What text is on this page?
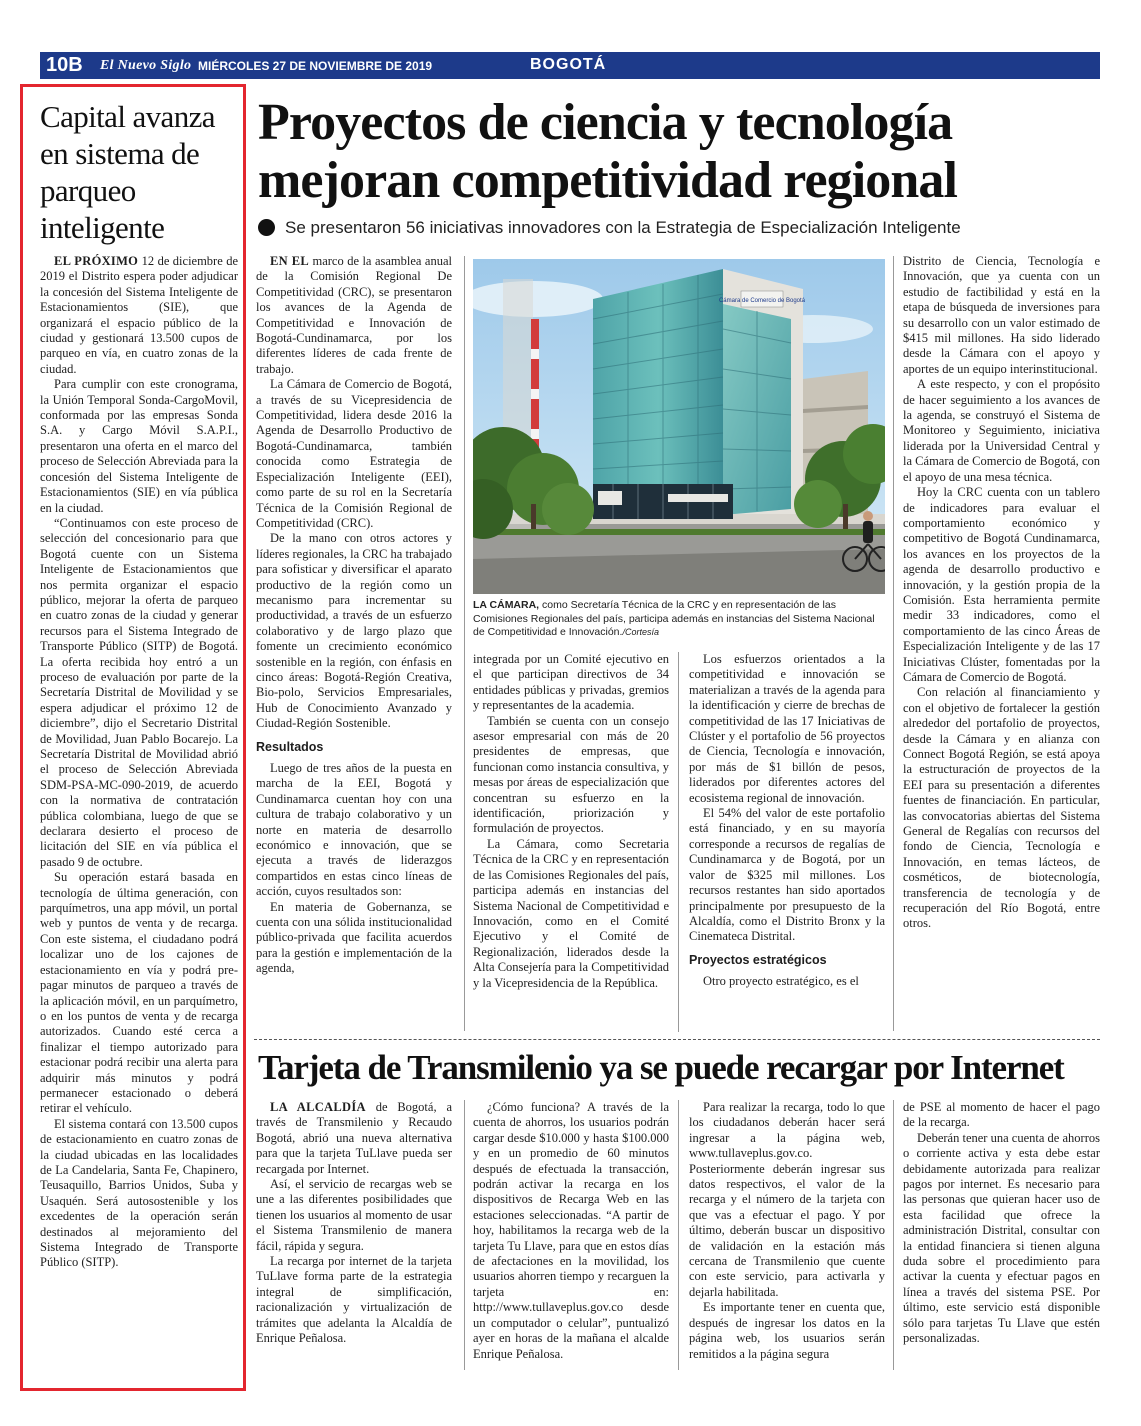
10B El Nuevo Siglo MIÉRCOLES 27 DE NOVIEMBRE DE 2019	BOGOTÁ
Capital avanza en sistema de parqueo inteligente

EL PRÓXIMO 12 de diciembre de 2019 el Distrito espera poder adjudicar la concesión del Sistema Inteligente de Estacionamientos (SIE), que organizará el espacio público de la ciudad y gestionará 13.500 cupos de parqueo en vía, en cuatro zonas de la ciudad.

Para cumplir con este cronograma, la Unión Temporal Sonda-CargoMovil, conformada por las empresas Sonda S.A. y Cargo Móvil S.A.P.I., presentaron una oferta en el marco del proceso de Selección Abreviada para la concesión del Sistema Inteligente de Estacionamientos (SIE) en vía pública en la ciudad.

“Continuamos con este proceso de selección del concesionario para que Bogotá cuente con un Sistema Inteligente de Estacionamientos que nos permita organizar el espacio público, mejorar la oferta de parqueo en cuatro zonas de la ciudad y generar recursos para el Sistema Integrado de Transporte Público (SITP) de Bogotá. La oferta recibida hoy entró a un proceso de evaluación por parte de la Secretaría Distrital de Movilidad y se espera adjudicar el próximo 12 de diciembre”, dijo el Secretario Distrital de Movilidad, Juan Pablo Bocarejo. La Secretaría Distrital de Movilidad abrió el proceso de Selección Abreviada SDM-PSA-MC-090-2019, de acuerdo con la normativa de contratación pública colombiana, luego de que se declarara desierto el proceso de licitación del SIE en vía pública el pasado 9 de octubre.

Su operación estará basada en tecnología de última generación, con parquímetros, una app móvil, un portal web y puntos de venta y de recarga. Con este sistema, el ciudadano podrá localizar uno de los cajones de estacionamiento en vía y podrá pre-pagar minutos de parqueo a través de la aplicación móvil, en un parquímetro, o en los puntos de venta y de recarga autorizados. Cuando esté cerca a finalizar el tiempo autorizado para estacionar podrá recibir una alerta para adquirir más minutos y podrá permanecer estacionado o deberá retirar el vehículo.

El sistema contará con 13.500 cupos de estacionamiento en cuatro zonas de la ciudad ubicadas en las localidades de La Candelaria, Santa Fe, Chapinero, Teusaquillo, Barrios Unidos, Suba y Usaquén. Será autosostenible y los excedentes de la operación serán destinados al mejoramiento del Sistema Integrado de Transporte Público (SITP).

Proyectos de ciencia y tecnología mejoran competitividad regional
Se presentaron 56 iniciativas innovadores con la Estrategia de Especialización Inteligente

EN EL marco de la asamblea anual de la Comisión Regional De Competitividad (CRC), se presentaron los avances de la Agenda de Competitividad e Innovación de Bogotá-Cundinamarca, por los diferentes líderes de cada frente de trabajo.

La Cámara de Comercio de Bogotá, a través de su Vicepresidencia de Competitividad, lidera desde 2016 la Agenda de Desarrollo Productivo de Bogotá-Cundinamarca, también conocida como Estrategia de Especialización Inteligente (EEI), como parte de su rol en la Secretaría Técnica de la Comisión Regional de Competitividad (CRC).

De la mano con otros actores y líderes regionales, la CRC ha trabajado para sofisticar y diversificar el aparato productivo de la región como un mecanismo para incrementar su productividad, a través de un esfuerzo colaborativo y de largo plazo que fomente un crecimiento económico sostenible en la región, con énfasis en cinco áreas: Bogotá-Región Creativa, Bio-polo, Servicios Empresariales, Hub de Conocimiento Avanzado y Ciudad-Región Sostenible.

Resultados

Luego de tres años de la puesta en marcha de la EEI, Bogotá y Cundinamarca cuentan hoy con una cultura de trabajo colaborativo y un norte en materia de desarrollo económico e innovación, que se ejecuta a través de liderazgos compartidos en estas cinco líneas de acción, cuyos resultados son:

En materia de Gobernanza, se cuenta con una sólida institucionalidad público-privada que facilita acuerdos para la gestión e implementación de la agenda,

Cámara de Comercio de Bogotá
LA CÁMARA, como Secretaría Técnica de la CRC y en representación de las Comisiones Regionales del país, participa además en instancias del Sistema Nacional de Competitividad e Innovación./Cortesía

integrada por un Comité ejecutivo en el que participan directivos de 34 entidades públicas y privadas, gremios y representantes de la academia.

También se cuenta con un consejo asesor empresarial con más de 20 presidentes de empresas, que funcionan como instancia consultiva, y mesas por áreas de especialización que concentran su esfuerzo en la identificación, priorización y formulación de proyectos.

La Cámara, como Secretaria Técnica de la CRC y en representación de las Comisiones Regionales del país, participa además en instancias del Sistema Nacional de Competitividad e Innovación, como en el Comité Ejecutivo y el Comité de Regionalización, liderados desde la Alta Consejería para la Competitividad y la Vicepresidencia de la República.

Los esfuerzos orientados a la competitividad e innovación se materializan a través de la agenda para la identificación y cierre de brechas de competitividad de las 17 Iniciativas de Clúster y el portafolio de 56 proyectos de Ciencia, Tecnología e innovación, por más de $1 billón de pesos, liderados por diferentes actores del ecosistema regional de innovación.

El 54% del valor de este portafolio está financiado, y en su mayoría corresponde a recursos de regalías de Cundinamarca y de Bogotá, por un valor de $325 mil millones. Los recursos restantes han sido aportados principalmente por presupuesto de la Alcaldía, como el Distrito Bronx y la Cinemateca Distrital.

Proyectos estratégicos

Otro proyecto estratégico, es el

Distrito de Ciencia, Tecnología e Innovación, que ya cuenta con un estudio de factibilidad y está en la etapa de búsqueda de inversiones para su desarrollo con un valor estimado de $415 mil millones. Ha sido liderado desde la Cámara con el apoyo y aportes de un equipo interinstitucional.

A este respecto, y con el propósito de hacer seguimiento a los avances de la agenda, se construyó el Sistema de Monitoreo y Seguimiento, iniciativa liderada por la Universidad Central y la Cámara de Comercio de Bogotá, con el apoyo de una mesa técnica.

Hoy la CRC cuenta con un tablero de indicadores para evaluar el comportamiento económico y competitivo de Bogotá Cundinamarca, los avances en los proyectos de la agenda de desarrollo productivo e innovación, y la gestión propia de la Comisión. Esta herramienta permite medir 33 indicadores, como el comportamiento de las cinco Áreas de Especialización Inteligente y de las 17 Iniciativas Clúster, fomentadas por la Cámara de Comercio de Bogotá.

Con relación al financiamiento y con el objetivo de fortalecer la gestión alrededor del portafolio de proyectos, desde la Cámara y en alianza con Connect Bogotá Región, se está apoya la estructuración de proyectos de la EEI para su presentación a diferentes fuentes de financiación. En particular, las convocatorias abiertas del Sistema General de Regalías con recursos del fondo de Ciencia, Tecnología e Innovación, en temas lácteos, de cosméticos, de biotecnología, transferencia de tecnología y de recuperación del Río Bogotá, entre otros.

Tarjeta de Transmilenio ya se puede recargar por Internet

LA ALCALDÍA de Bogotá, a través de Transmilenio y Recaudo Bogotá, abrió una nueva alternativa para que la tarjeta TuLlave pueda ser recargada por Internet.

Así, el servicio de recargas web se une a las diferentes posibilidades que tienen los usuarios al momento de usar el Sistema Transmilenio de manera fácil, rápida y segura.

La recarga por internet de la tarjeta TuLlave forma parte de la estrategia integral de simplificación, racionalización y virtualización de trámites que adelanta la Alcaldía de Enrique Peñalosa.

¿Cómo funciona? A través de la cuenta de ahorros, los usuarios podrán cargar desde $10.000 y hasta $100.000 y en un promedio de 60 minutos después de efectuada la transacción, podrán activar la recarga en los dispositivos de Recarga Web en las estaciones seleccionadas. “A partir de hoy, habilitamos la recarga web de la tarjeta Tu Llave, para que en estos días de afectaciones en la movilidad, los usuarios ahorren tiempo y recarguen la tarjeta en: http://www.tullaveplus.gov.co desde un computador o celular”, puntualizó ayer en horas de la mañana el alcalde Enrique Peñalosa.

Para realizar la recarga, todo lo que los ciudadanos deberán hacer será ingresar a la página web, www.tullaveplus.gov.co. Posteriormente deberán ingresar sus datos respectivos, el valor de la recarga y el número de la tarjeta con que vas a efectuar el pago. Y por último, deberán buscar un dispositivo de validación en la estación más cercana de Transmilenio que cuente con este servicio, para activarla y dejarla habilitada.

Es importante tener en cuenta que, después de ingresar los datos en la página web, los usuarios serán remitidos a la página segura

de PSE al momento de hacer el pago de la recarga.

Deberán tener una cuenta de ahorros o corriente activa y esta debe estar debidamente autorizada para realizar pagos por internet. Es necesario para las personas que quieran hacer uso de esta facilidad que ofrece la administración Distrital, consultar con la entidad financiera si tienen alguna duda sobre el procedimiento para activar la cuenta y efectuar pagos en línea a través del sistema PSE. Por último, este servicio está disponible sólo para tarjetas Tu Llave que estén personalizadas.
